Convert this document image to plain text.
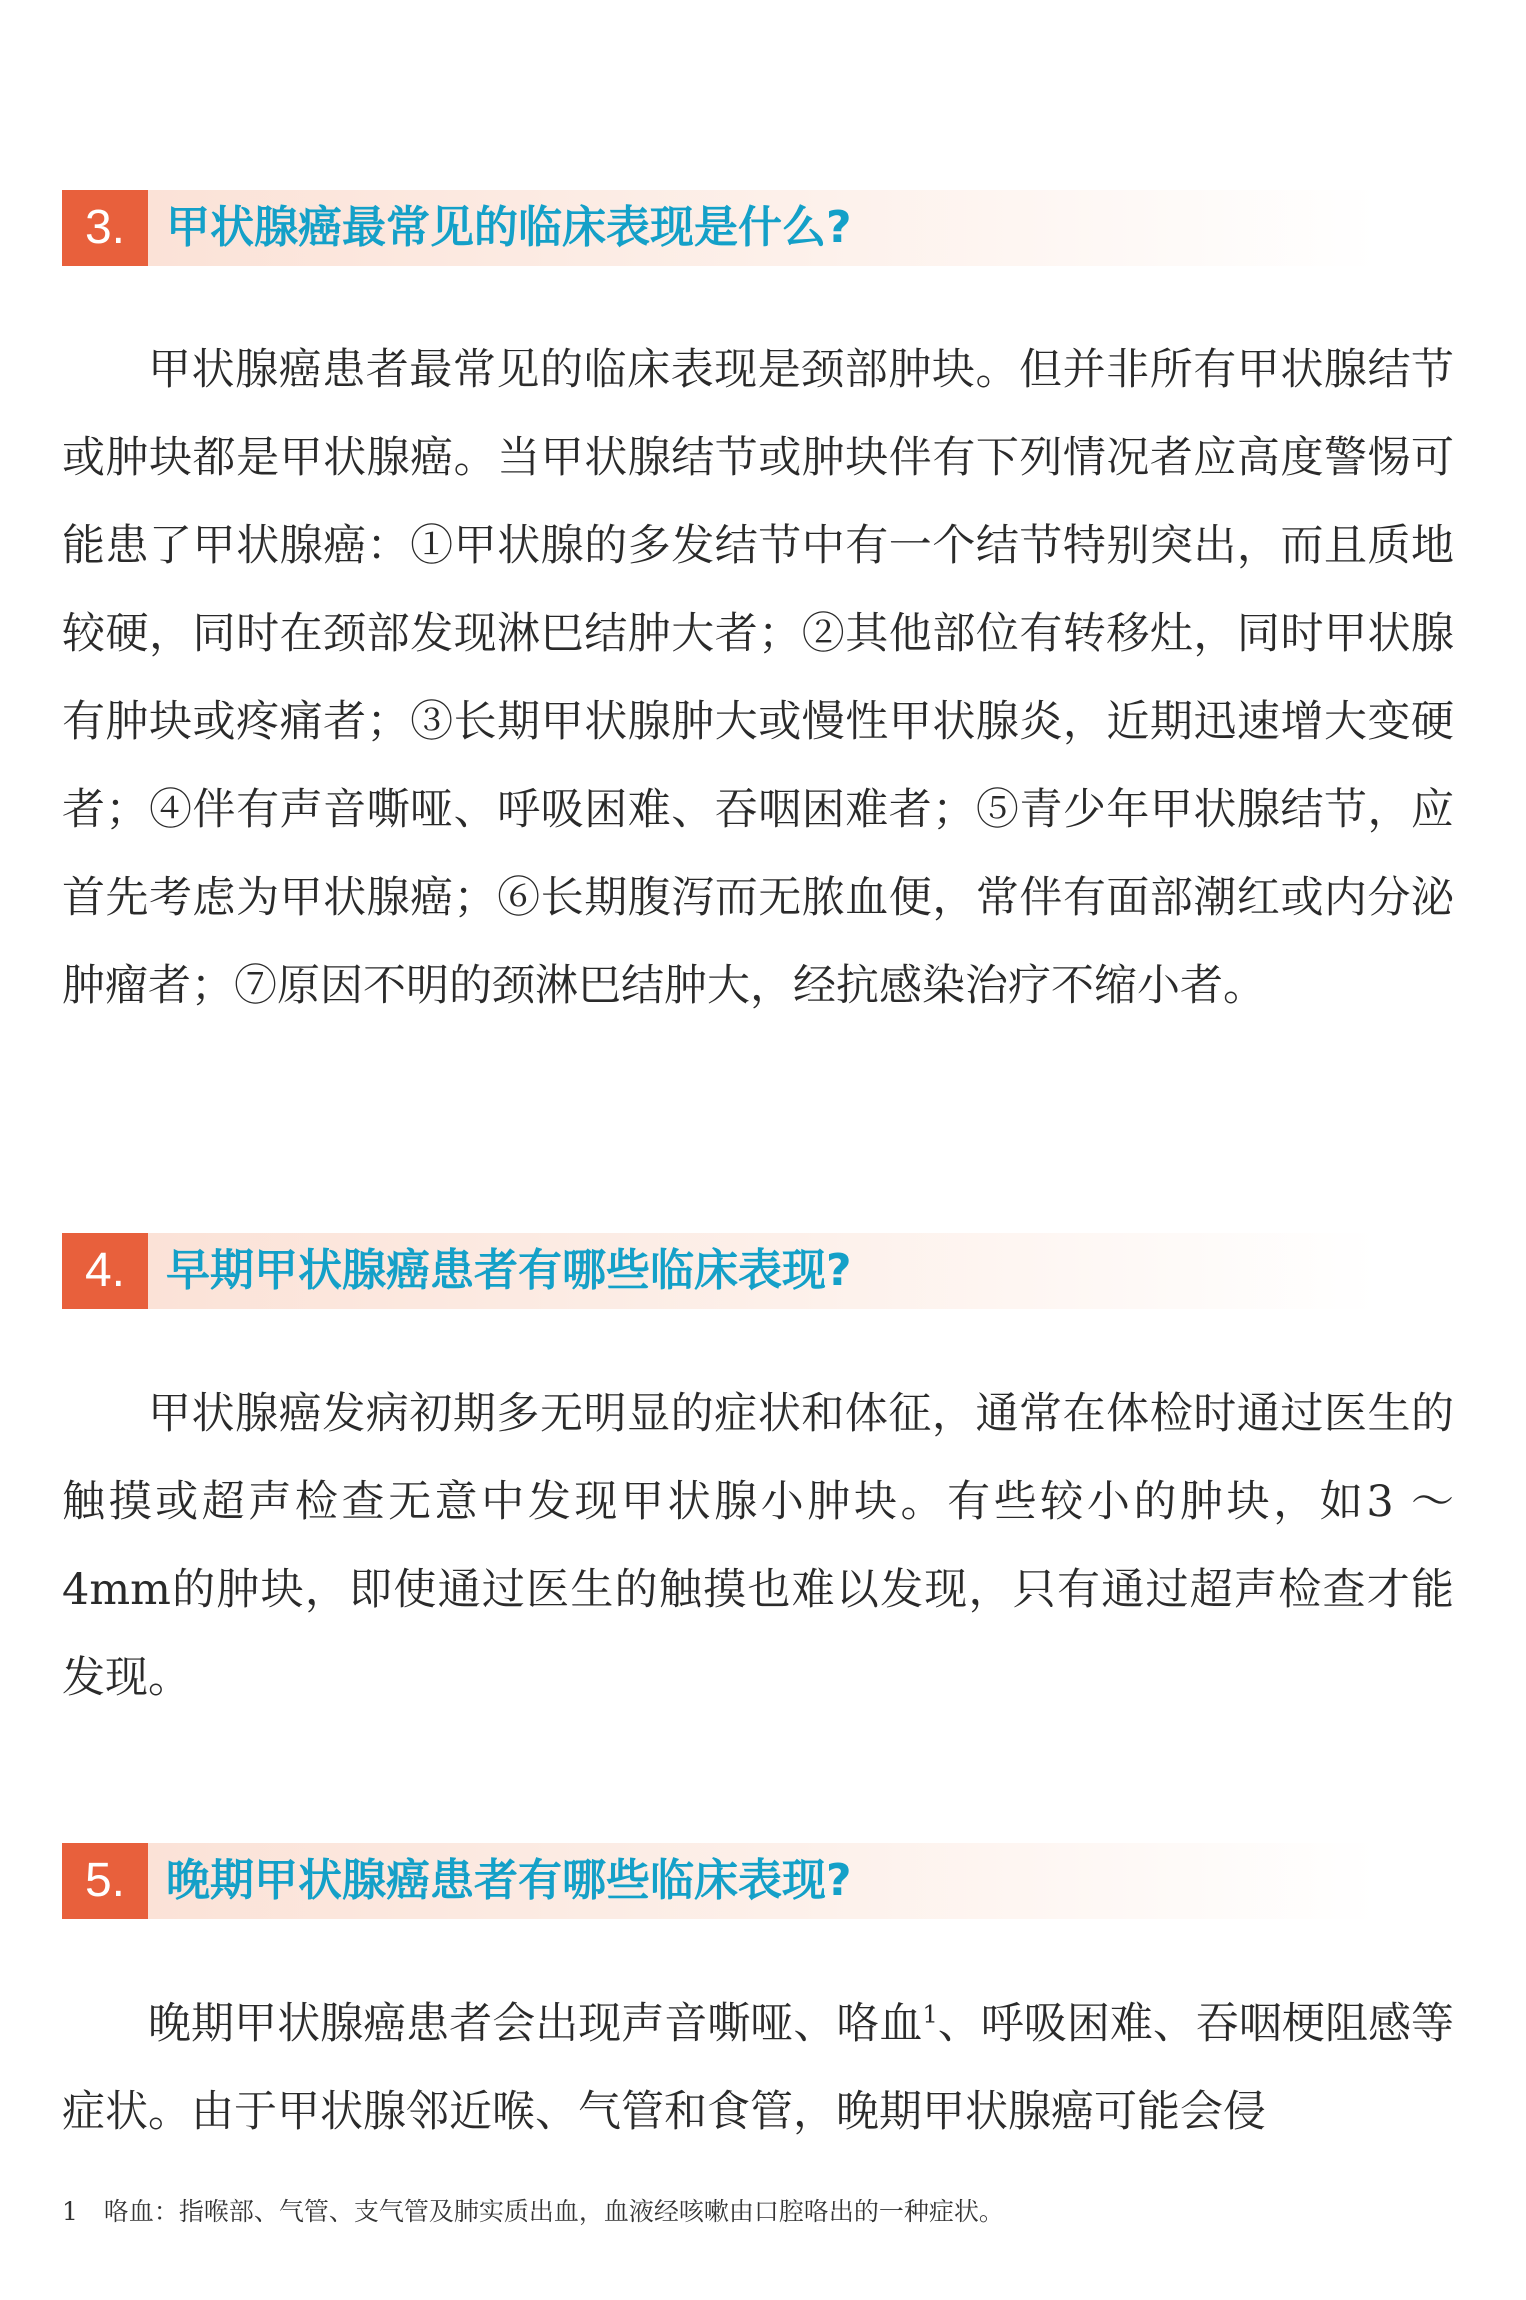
3. 甲状腺癌最常见的临床表现是什么?
甲状腺癌患者最常见的临床表现是颈部肿块。但并非所有甲状腺结节或肿块都是甲状腺癌。当甲状腺结节或肿块伴有下列情况者应高度警惕可能患了甲状腺癌：①甲状腺的多发结节中有一个结节特别突出，而且质地较硬，同时在颈部发现淋巴结肿大者；②其他部位有转移灶，同时甲状腺有肿块或疼痛者；③长期甲状腺肿大或慢性甲状腺炎，近期迅速增大变硬者；④伴有声音嘶哑、呼吸困难、吞咽困难者；⑤青少年甲状腺结节，应首先考虑为甲状腺癌；⑥长期腹泻而无脓血便，常伴有面部潮红或内分泌肿瘤者；⑦原因不明的颈淋巴结肿大，经抗感染治疗不缩小者。
4. 早期甲状腺癌患者有哪些临床表现?
甲状腺癌发病初期多无明显的症状和体征，通常在体检时通过医生的触摸或超声检查无意中发现甲状腺小肿块。有些较小的肿块，如3 ～ 4mm的肿块，即使通过医生的触摸也难以发现，只有通过超声检查才能发现。
5. 晚期甲状腺癌患者有哪些临床表现?
晚期甲状腺癌患者会出现声音嘶哑、咯血$^1$、呼吸困难、吞咽梗阻感等症状。由于甲状腺邻近喉、气管和食管，晚期甲状腺癌可能会侵
1 咯血：指喉部、气管、支气管及肺实质出血，血液经咳嗽由口腔咯出的一种症状。
